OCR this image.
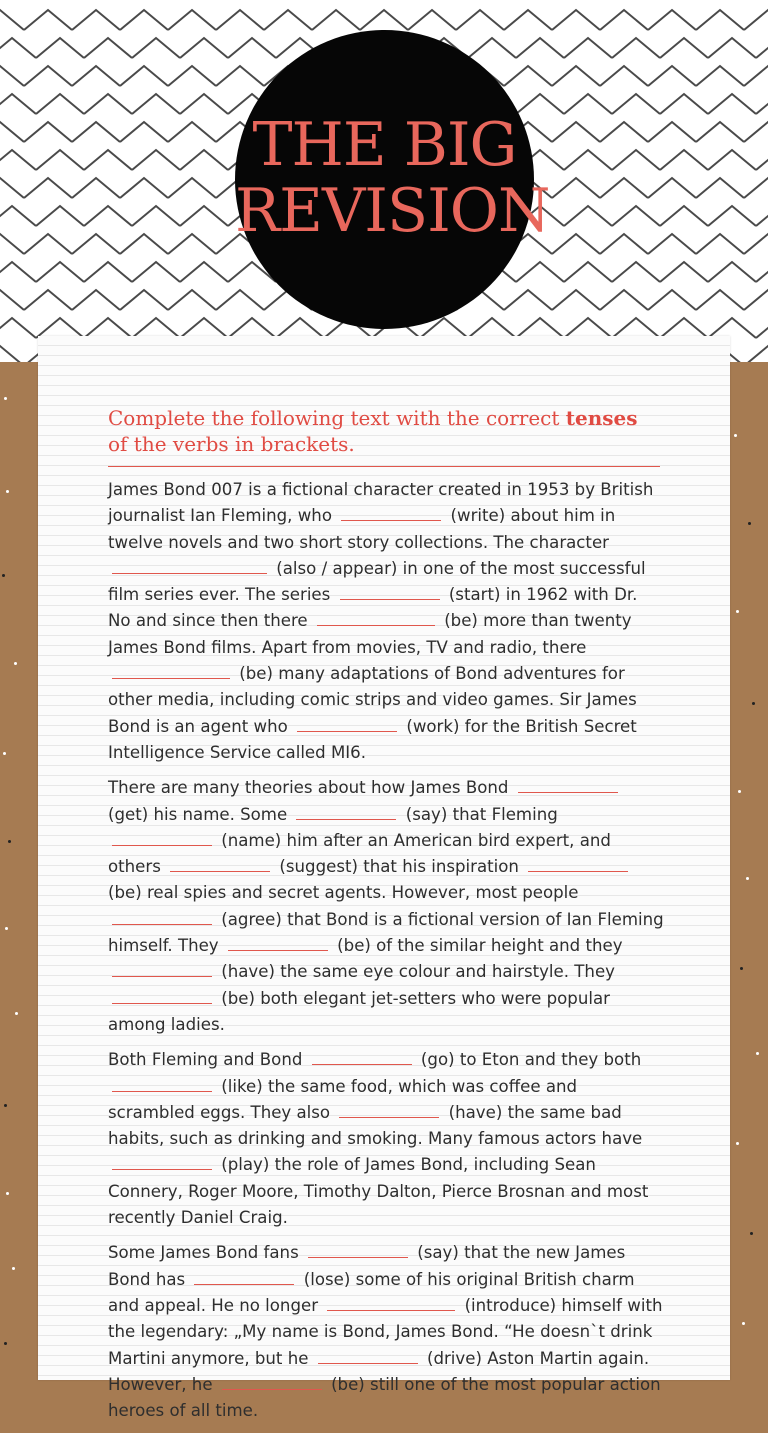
THE BIG
REVISION

Complete the following text with the correct tenses of the verbs in brackets.

James Bond 007 is a fictional character created in 1953 by British journalist Ian Fleming, who	(write) about him in twelve novels and two short story collections. The character  (also / appear) in one of the most successful film series ever. The series	(start) in 1962 with Dr. No and since then there	(be) more than twenty James Bond films. Apart from movies, TV and radio, there  (be) many adaptations of Bond adventures for other media, including comic strips and video games. Sir James Bond is an agent who	(work) for the British Secret Intelligence Service called MI6.

There are many theories about how James Bond  (get) his name. Some	(say) that Fleming  (name) him after an American bird expert, and others	(suggest) that his inspiration  (be) real spies and secret agents. However, most people  (agree) that Bond is a fictional version of Ian Fleming himself. They	(be) of the similar height and they  (have) the same eye colour and hairstyle. They  (be) both elegant jet-setters who were popular among ladies.

Both Fleming and Bond	(go) to Eton and they both  (like) the same food, which was coffee and scrambled eggs. They also	(have) the same bad habits, such as drinking and smoking. Many famous actors have  (play) the role of James Bond, including Sean Connery, Roger Moore, Timothy Dalton, Pierce Brosnan and most recently Daniel Craig.

Some James Bond fans	(say) that the new James Bond has	(lose) some of his original British charm and appeal. He no longer	(introduce) himself with the legendary: „My name is Bond, James Bond. “He doesn`t drink Martini anymore, but he	(drive) Aston Martin again. However, he	(be) still one of the most popular action heroes of all time.
